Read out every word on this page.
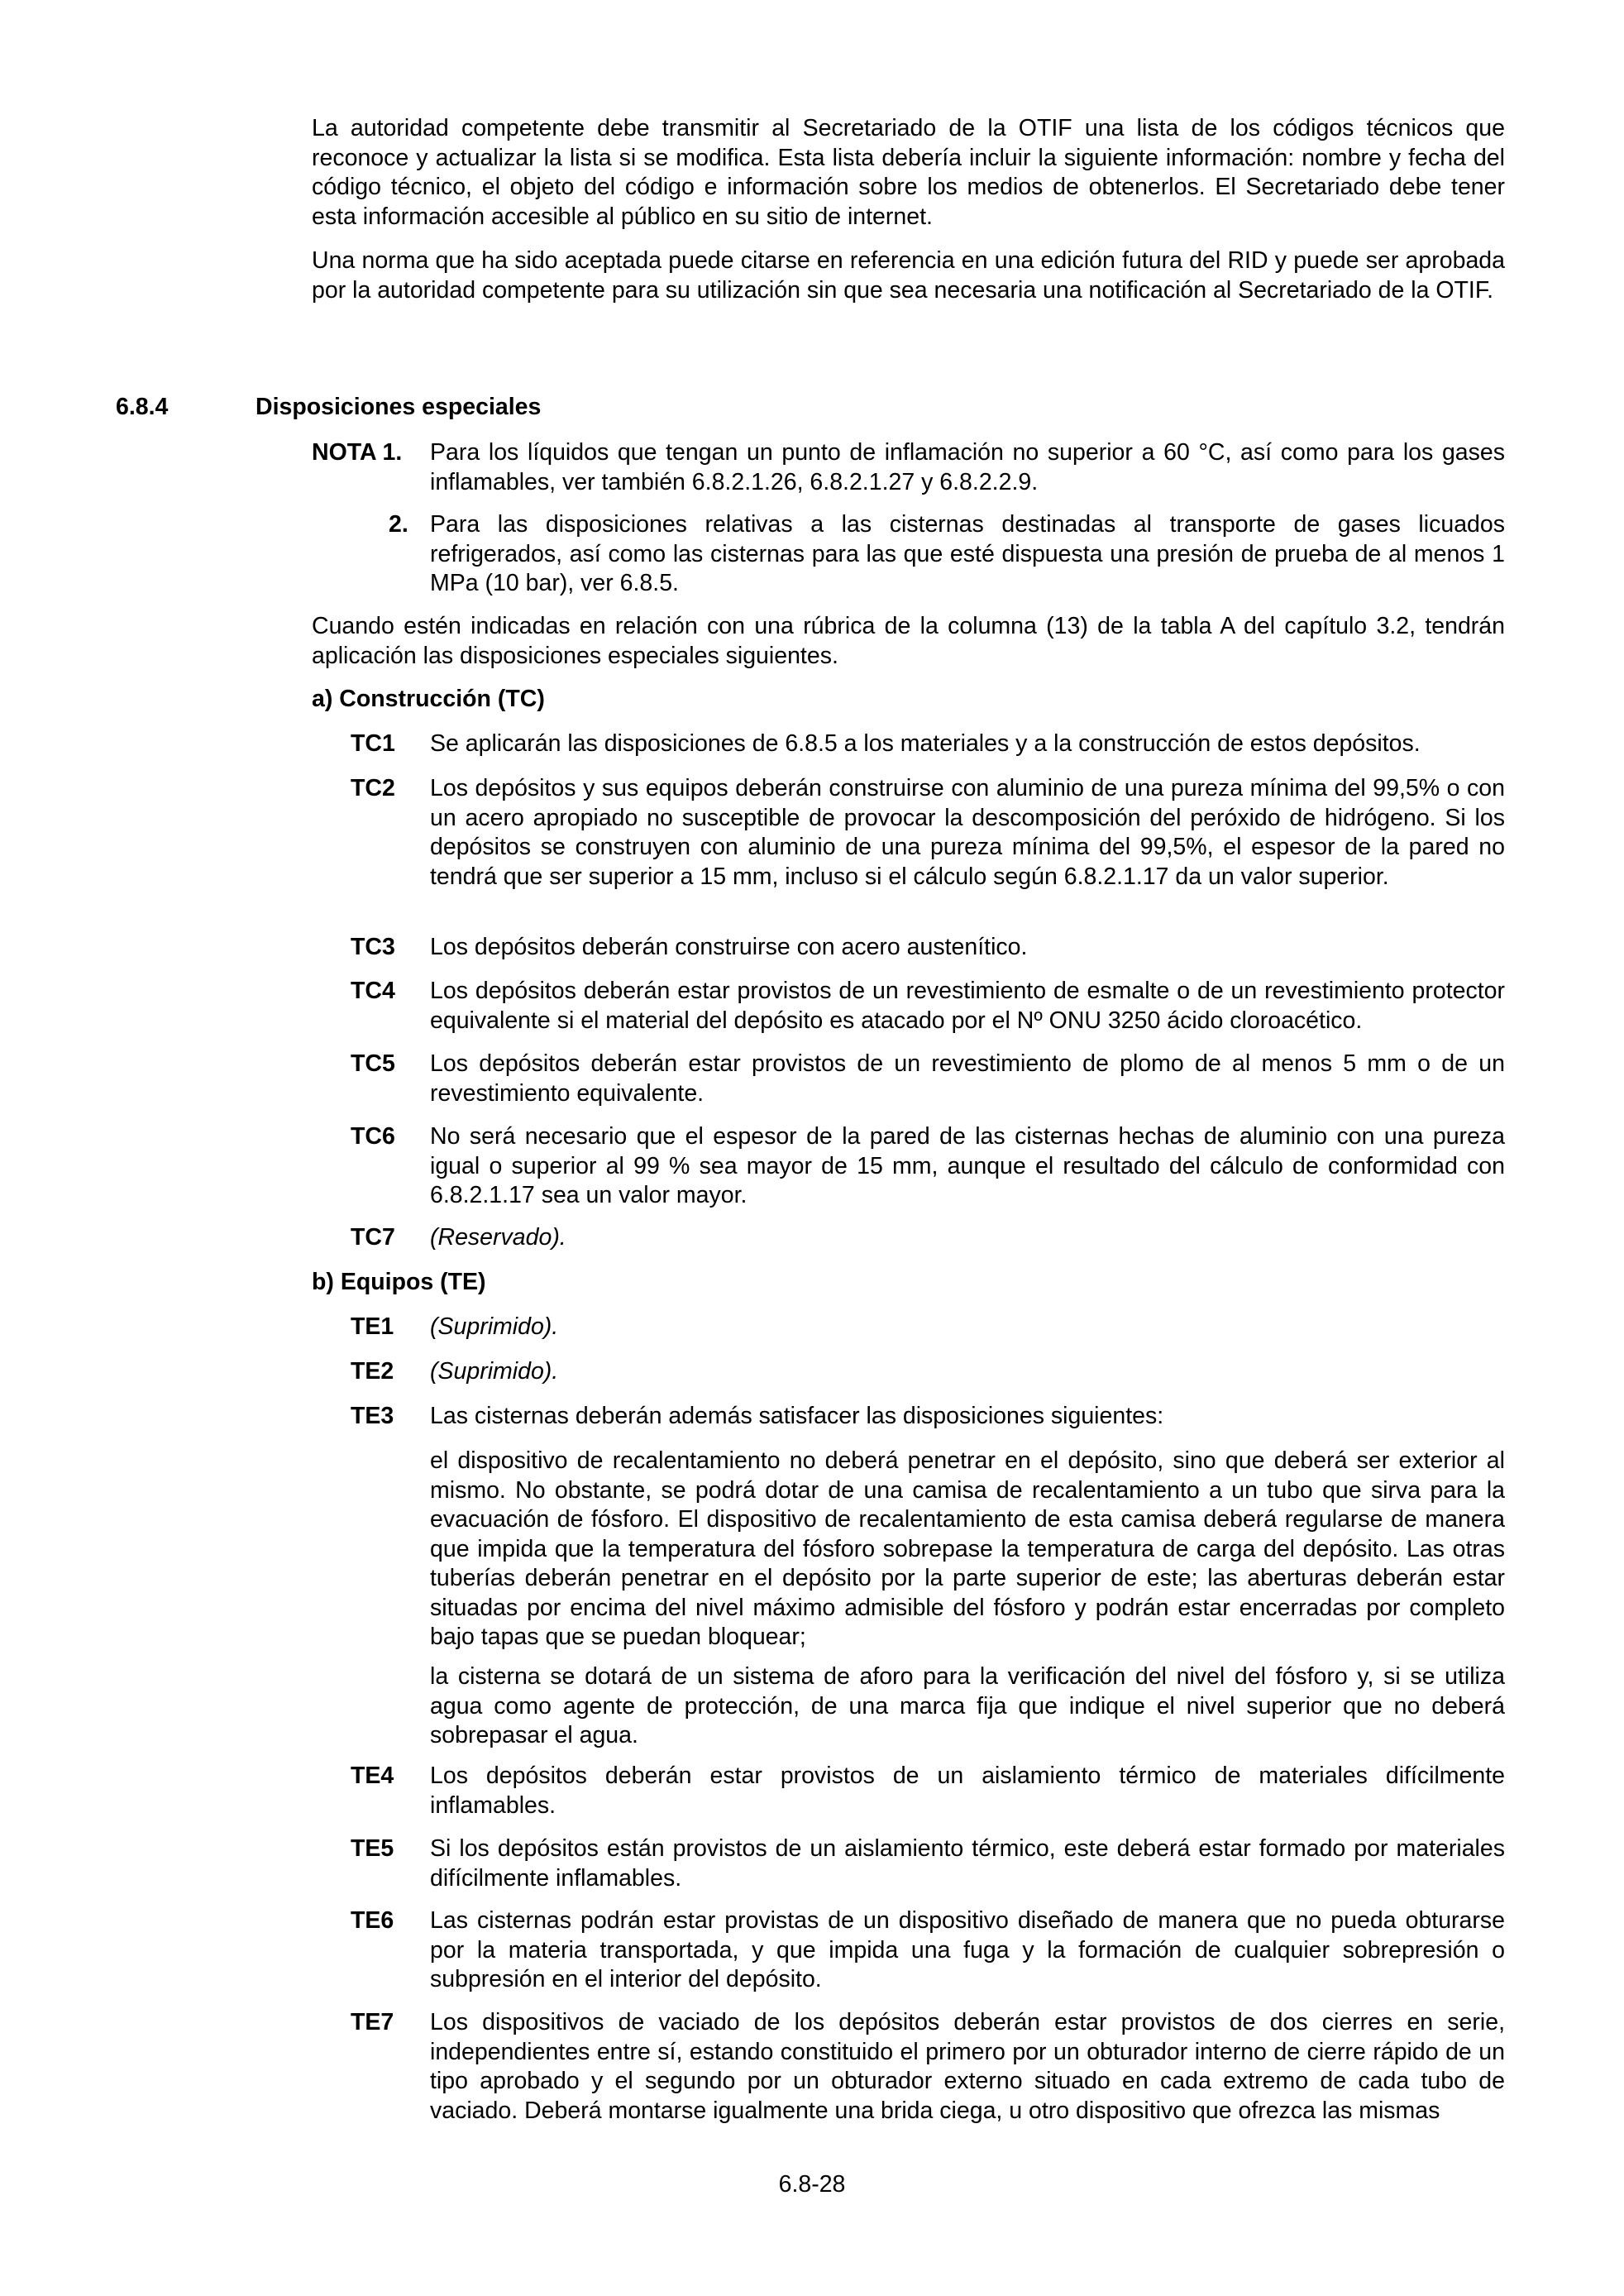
La autoridad competente debe transmitir al Secretariado de la OTIF una lista de los códigos técnicos que reconoce y actualizar la lista si se modifica. Esta lista debería incluir la siguiente información: nombre y fecha del código técnico, el objeto del código e información sobre los medios de obtenerlos. El Secretariado debe tener esta información accesible al público en su sitio de internet.

Una norma que ha sido aceptada puede citarse en referencia en una edición futura del RID y puede ser aprobada por la autoridad competente para su utilización sin que sea necesaria una notificación al Secretariado de la OTIF.

6.8.4	Disposiciones especiales
NOTA 1. Para los líquidos que tengan un punto de inflamación no superior a 60 °C, así como para los gases inflamables, ver también 6.8.2.1.26, 6.8.2.1.27 y 6.8.2.2.9.

2. Para las disposiciones relativas a las cisternas destinadas al transporte de gases licuados refrigerados, así como las cisternas para las que esté dispuesta una presión de prueba de al menos 1 MPa (10 bar), ver 6.8.5.

Cuando estén indicadas en relación con una rúbrica de la columna (13) de la tabla A del capítulo 3.2, tendrán aplicación las disposiciones especiales siguientes.

a) Construcción (TC)
TC1 Se aplicarán las disposiciones de 6.8.5 a los materiales y a la construcción de estos depósitos.

TC2 Los depósitos y sus equipos deberán construirse con aluminio de una pureza mínima del 99,5% o con un acero apropiado no susceptible de provocar la descomposición del peróxido de hidrógeno. Si los depósitos se construyen con aluminio de una pureza mínima del 99,5%, el espesor de la pared no tendrá que ser superior a 15 mm, incluso si el cálculo según 6.8.2.1.17 da un valor superior.

TC3 Los depósitos deberán construirse con acero austenítico.

TC4 Los depósitos deberán estar provistos de un revestimiento de esmalte o de un revestimiento protector equivalente si el material del depósito es atacado por el Nº ONU 3250 ácido cloroacético.

TC5 Los depósitos deberán estar provistos de un revestimiento de plomo de al menos 5 mm o de un revestimiento equivalente.

TC6 No será necesario que el espesor de la pared de las cisternas hechas de aluminio con una pureza igual o superior al 99 % sea mayor de 15 mm, aunque el resultado del cálculo de conformidad con 6.8.2.1.17 sea un valor mayor.

TC7 (Reservado).

b) Equipos (TE)
TE1 (Suprimido).

TE2 (Suprimido).

TE3 Las cisternas deberán además satisfacer las disposiciones siguientes:

el dispositivo de recalentamiento no deberá penetrar en el depósito, sino que deberá ser exterior al mismo. No obstante, se podrá dotar de una camisa de recalentamiento a un tubo que sirva para la evacuación de fósforo. El dispositivo de recalentamiento de esta camisa deberá regularse de manera que impida que la temperatura del fósforo sobrepase la temperatura de carga del depósito. Las otras tuberías deberán penetrar en el depósito por la parte superior de este; las aberturas deberán estar situadas por encima del nivel máximo admisible del fósforo y podrán estar encerradas por completo bajo tapas que se puedan bloquear;

la cisterna se dotará de un sistema de aforo para la verificación del nivel del fósforo y, si se utiliza agua como agente de protección, de una marca fija que indique el nivel superior que no deberá sobrepasar el agua.

TE4 Los depósitos deberán estar provistos de un aislamiento térmico de materiales difícilmente inflamables.

TE5 Si los depósitos están provistos de un aislamiento térmico, este deberá estar formado por materiales difícilmente inflamables.

TE6 Las cisternas podrán estar provistas de un dispositivo diseñado de manera que no pueda obturarse por la materia transportada, y que impida una fuga y la formación de cualquier sobrepresión o subpresión en el interior del depósito.

TE7 Los dispositivos de vaciado de los depósitos deberán estar provistos de dos cierres en serie, independientes entre sí, estando constituido el primero por un obturador interno de cierre rápido de un tipo aprobado y el segundo por un obturador externo situado en cada extremo de cada tubo de vaciado. Deberá montarse igualmente una brida ciega, u otro dispositivo que ofrezca las mismas

6.8-28
